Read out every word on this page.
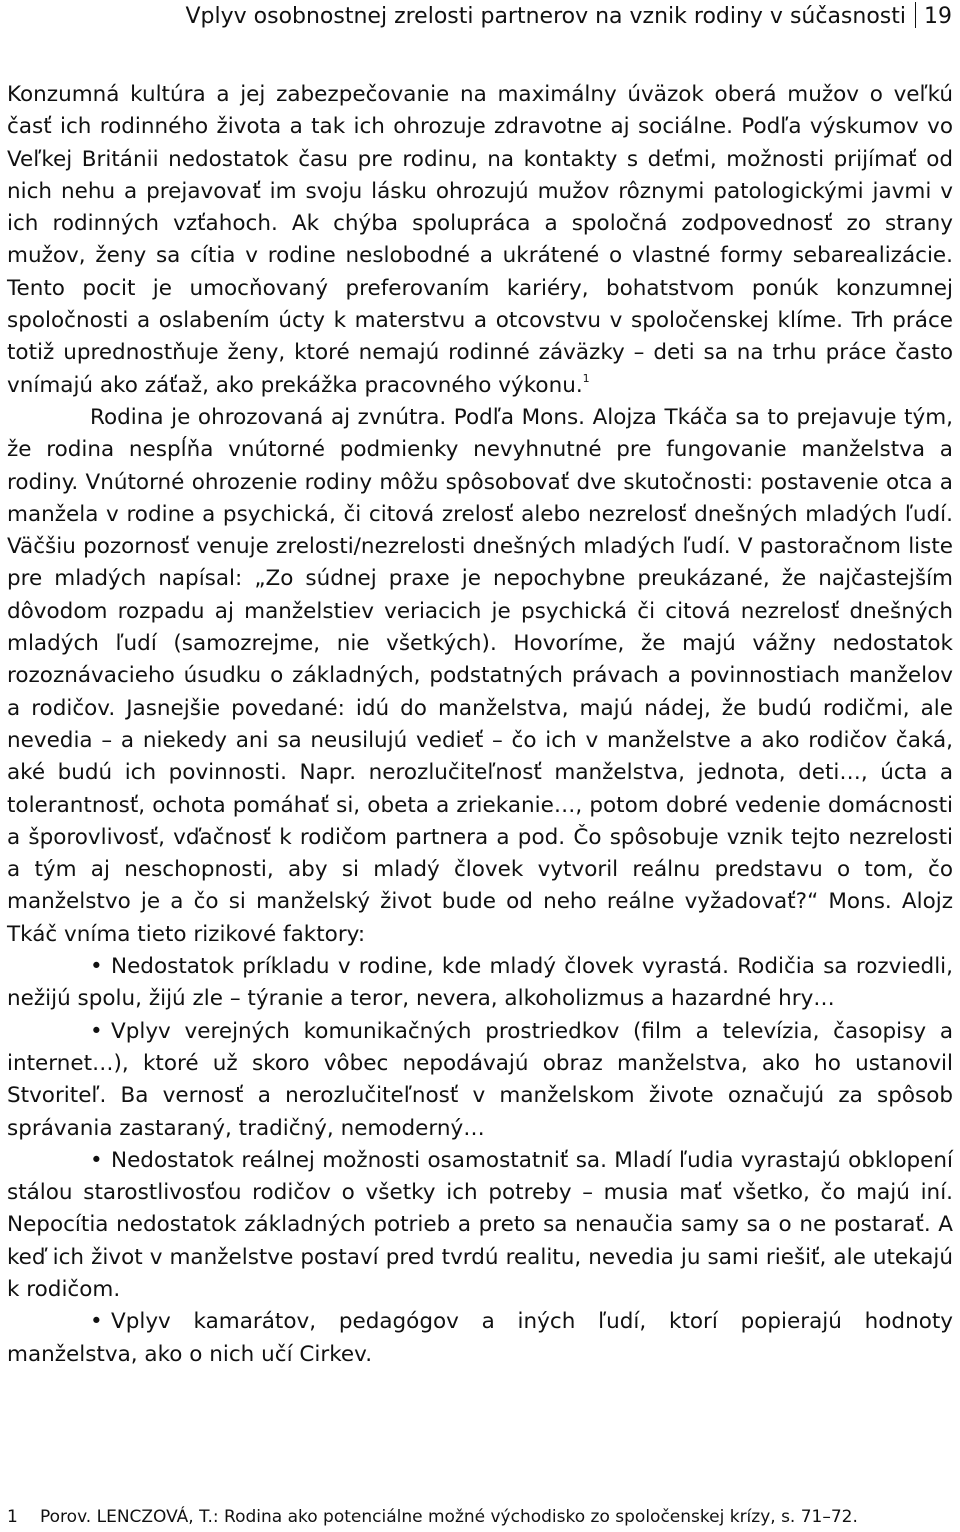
Vplyv osobnostnej zrelosti partnerov na vznik rodiny v súčasnosti 19

Konzumná kultúra a jej zabezpečovanie na maximálny úväzok oberá mužov o veľkú časť ich rodinného života a tak ich ohrozuje zdravotne aj sociálne. Podľa výskumov vo Veľkej Británii nedostatok času pre rodinu, na kontakty s deťmi, možnosti prijímať od nich nehu a prejavovať im svoju lásku ohrozujú mužov rôznymi patologickými javmi v ich rodinných vzťahoch. Ak chýba spolupráca a spoločná zodpovednosť zo strany mužov, ženy sa cítia v rodine neslobodné a ukrátené o vlastné formy sebarealizácie. Tento pocit je umocňovaný preferovaním kariéry, bohatstvom ponúk konzumnej spoločnosti a oslabením úcty k materstvu a otcovstvu v spoločenskej klíme. Trh práce totiž uprednostňuje ženy, ktoré nemajú rodinné záväzky – deti sa na trhu práce často vnímajú ako záťaž, ako prekážka pracovného výkonu.$^1$

Rodina je ohrozovaná aj zvnútra. Podľa Mons. Alojza Tkáča sa to prejavuje tým, že rodina nespĺňa vnútorné podmienky nevyhnutné pre fungovanie manželstva a rodiny. Vnútorné ohrozenie rodiny môžu spôsobovať dve skutočnosti: postavenie otca a manžela v rodine a psychická, či citová zrelosť alebo nezrelosť dnešných mladých ľudí. Väčšiu pozornosť venuje zrelosti/nezrelosti dnešných mladých ľudí. V pastoračnom liste pre mladých napísal: „Zo súdnej praxe je nepochybne preukázané, že najčastejším dôvodom rozpadu aj manželstiev veriacich je psychická či citová nezrelosť dnešných mladých ľudí (samozrejme, nie všetkých). Hovoríme, že majú vážny nedostatok rozoznávacieho úsudku o základných, podstatných právach a povinnostiach manželov a rodičov. Jasnejšie povedané: idú do manželstva, majú nádej, že budú rodičmi, ale nevedia – a niekedy ani sa neusilujú vedieť – čo ich v manželstve a ako rodičov čaká, aké budú ich povinnosti. Napr. nerozlučiteľnosť manželstva, jednota, deti…, úcta a tolerantnosť, ochota pomáhať si, obeta a zriekanie…, potom dobré vedenie domácnosti a šporovlivosť, vďačnosť k rodičom partnera a pod. Čo spôsobuje vznik tejto nezrelosti a tým aj neschopnosti, aby si mladý človek vytvoril reálnu predstavu o tom, čo manželstvo je a čo si manželský život bude od neho reálne vyžadovať?“ Mons. Alojz Tkáč vníma tieto rizikové faktory:

• Nedostatok príkladu v rodine, kde mladý človek vyrastá. Rodičia sa rozviedli, nežijú spolu, žijú zle – týranie a teror, nevera, alkoholizmus a hazardné hry…

• Vplyv verejných komunikačných prostriedkov (film a televízia, časopisy a internet…), ktoré už skoro vôbec nepodávajú obraz manželstva, ako ho ustanovil Stvoriteľ. Ba vernosť a nerozlučiteľnosť v manželskom živote označujú za spôsob správania zastaraný, tradičný, nemoderný…

• Nedostatok reálnej možnosti osamostatniť sa. Mladí ľudia vyrastajú obklopení stálou starostlivosťou rodičov o všetky ich potreby – musia mať všetko, čo majú iní. Nepocítia nedostatok základných potrieb a preto sa nenaučia samy sa o ne postarať. A keď ich život v manželstve postaví pred tvrdú realitu, nevedia ju sami riešiť, ale utekajú k rodičom.

• Vplyv kamarátov, pedagógov a iných ľudí, ktorí popierajú hodnoty manželstva, ako o nich učí Cirkev.

1 Porov. LENCZOVÁ, T.: Rodina ako potenciálne možné východisko zo spoločenskej krízy, s. 71–72.
